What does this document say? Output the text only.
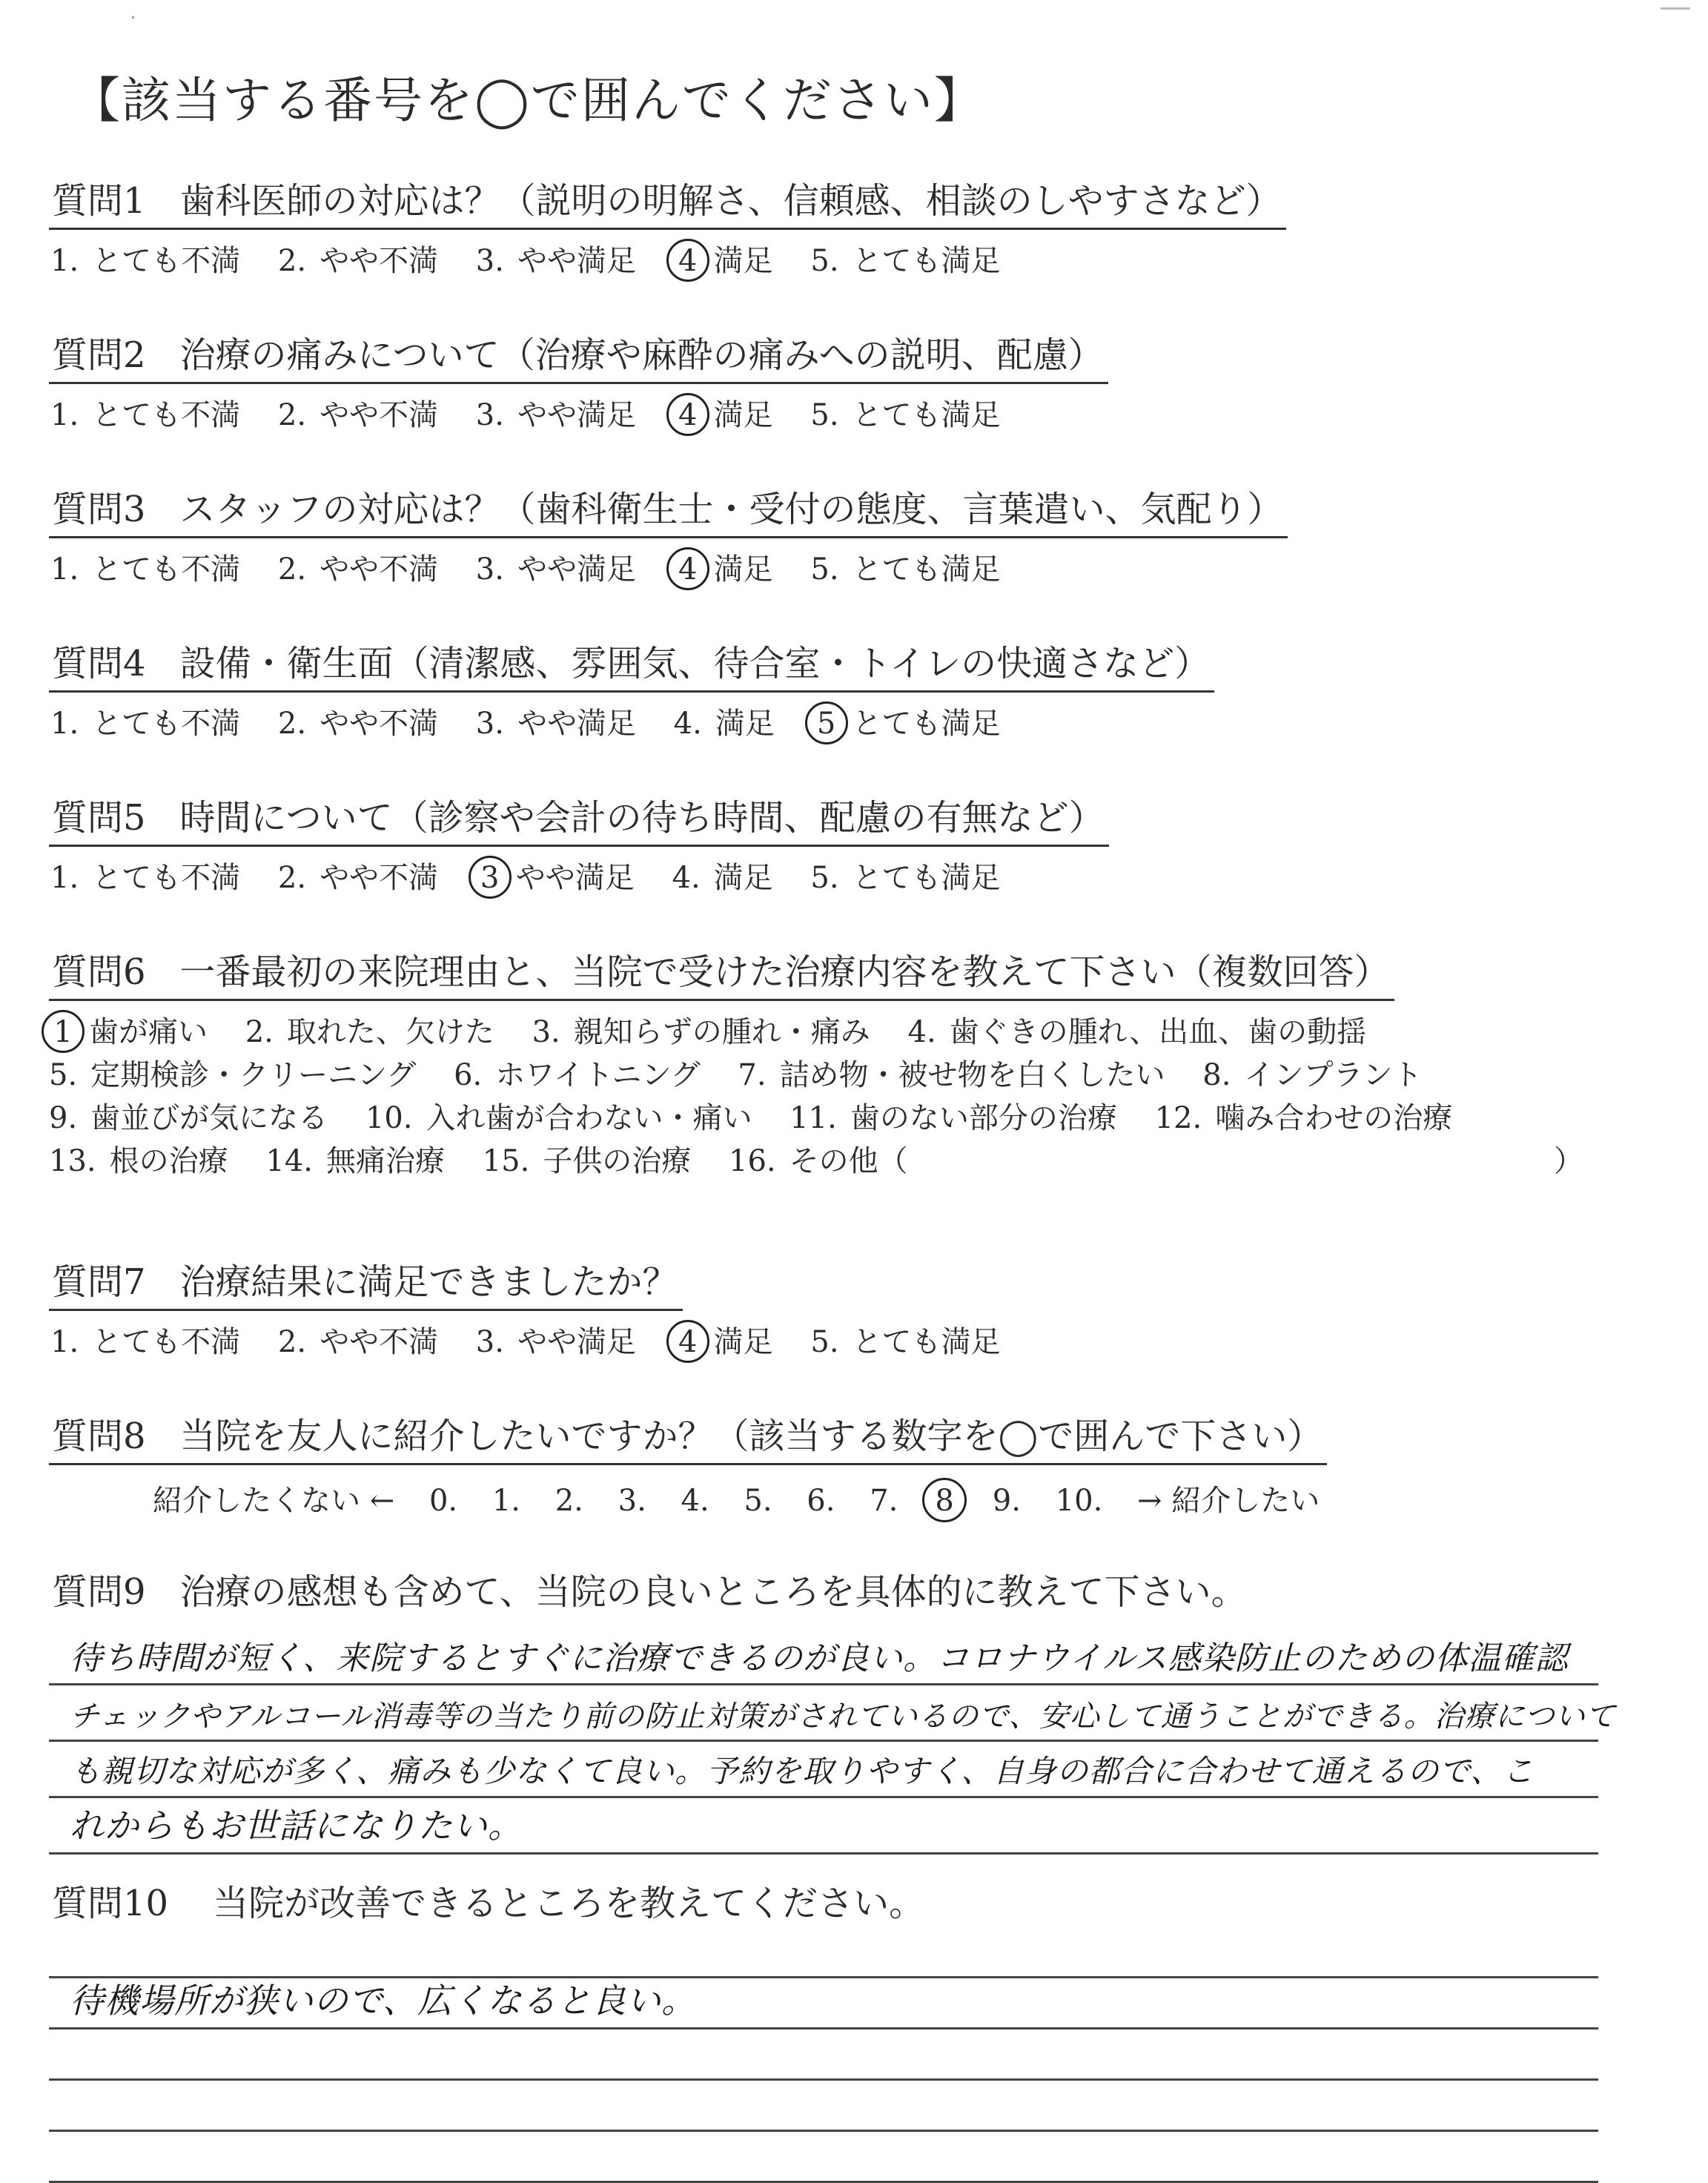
【該当する番号を◯で囲んでください】
質問1 歯科医師の対応は？（説明の明解さ、信頼感、相談のしやすさなど）
1. とても不満 2. やや不満 3. やや満足 4 満足 5. とても満足
質問2 治療の痛みについて（治療や麻酔の痛みへの説明、配慮）
1. とても不満 2. やや不満 3. やや満足 4 満足 5. とても満足
質問3 スタッフの対応は？（歯科衛生士・受付の態度、言葉遣い、気配り）
1. とても不満 2. やや不満 3. やや満足 4 満足 5. とても満足
質問4 設備・衛生面（清潔感、雰囲気、待合室・トイレの快適さなど）
1. とても不満 2. やや不満 3. やや満足 4. 満足 5 とても満足
質問5 時間について（診察や会計の待ち時間、配慮の有無など）
1. とても不満 2. やや不満 3 やや満足 4. 満足 5. とても満足
質問6 一番最初の来院理由と、当院で受けた治療内容を教えて下さい（複数回答）
1 歯が痛い 2. 取れた、欠けた 3. 親知らずの腫れ・痛み 4. 歯ぐきの腫れ、出血、歯の動揺
5. 定期検診・クリーニング 6. ホワイトニング 7. 詰め物・被せ物を白くしたい 8. インプラント
9. 歯並びが気になる 10. 入れ歯が合わない・痛い 11. 歯のない部分の治療 12. 噛み合わせの治療
13. 根の治療 14. 無痛治療 15. 子供の治療 16. その他（	）
質問7 治療結果に満足できましたか？
1. とても不満 2. やや不満 3. やや満足 4 満足 5. とても満足
質問8 当院を友人に紹介したいですか？（該当する数字を◯で囲んで下さい）
紹介したくない ← 0. 1. 2. 3. 4. 5. 6. 7. 8 9. 10. → 紹介したい
質問9 治療の感想も含めて、当院の良いところを具体的に教えて下さい。
待ち時間が短く、来院するとすぐに治療できるのが良い。コロナウイルス感染防止のための体温確認
チェックやアルコール消毒等の当たり前の防止対策がされているので、安心して通うことができる。治療について
も親切な対応が多く、痛みも少なくて良い。予約を取りやすく、自身の都合に合わせて通えるので、こ
れからもお世話になりたい。
質問10 当院が改善できるところを教えてください。
待機場所が狭いので、広くなると良い。
